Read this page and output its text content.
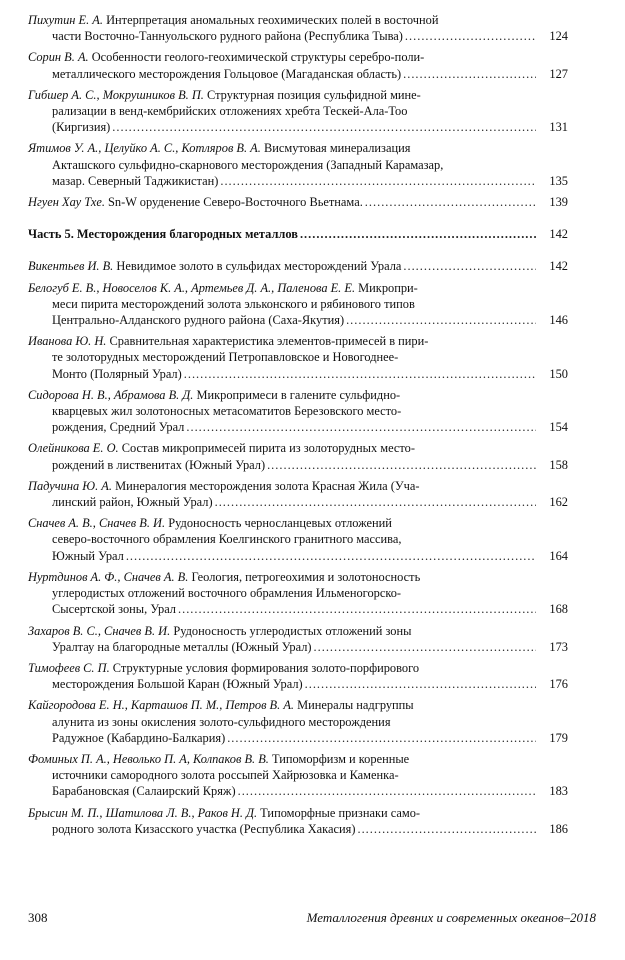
Пихутин Е. А. Интерпретация аномальных геохимических полей в восточной
части Восточно-Таннуольского рудного района (Республика Тыва) .....	124
Сорин В. А. Особенности геолого-геохимической структуры серебро-поли-
металлического месторождения Гольцовое (Магаданская область) .....	127
Гибшер А. С., Мокрушников В. П. Структурная позиция сульфидной мине-
рализации в венд-кембрийских отложениях хребта Тескей-Ала-Тоо
(Киргизия) .....	131
Ятимов У. А., Целуйко А. С., Котляров В. А. Висмутовая минерализация
Акташского сульфидно-скарнового месторождения (Западный Карамазар,
мазар. Северный Таджикистан) .....	135
Нгуен Хау Тхе. Sn-W оруденение Северо-Восточного Вьетнама. .....	139
Часть 5. Месторождения благородных металлов .....	142
Викентьев И. В. Невидимое золото в сульфидах месторождений Урала .....	142
Белогуб Е. В., Новоселов К. А., Артемьев Д. А., Паленова Е. Е. Микропри-
меси пирита месторождений золота эльконского и рябинового типов
Центрально-Алданского рудного района (Саха-Якутия) .....	146
Иванова Ю. Н. Сравнительная характеристика элементов-примесей в пири-
те золоторудных месторождений Петропавловское и Новогоднее-
Монто (Полярный Урал) .....	150
Сидорова Н. В., Абрамова В. Д. Микропримеси в галените сульфидно-
кварцевых жил золотоносных метасоматитов Березовского место-
рождения, Средний Урал .....	154
Олейникова Е. О. Состав микропримесей пирита из золоторудных место-
рождений в лиственитах (Южный Урал) .....	158
Падучина Ю. А. Минералогия месторождения золота Красная Жила (Уча-
линский район, Южный Урал) .....	162
Сначев А. В., Сначев В. И. Рудоносность черносланцевых отложений
северо-восточного обрамления Коелгинского гранитного массива,
Южный Урал .....	164
Нуртдинов А. Ф., Сначев А. В. Геология, петрогеохимия и золотоносность
углеродистых отложений восточного обрамления Ильменогорско-
Сысертской зоны, Урал .....	168
Захаров В. С., Сначев В. И. Рудоносность углеродистых отложений зоны
Уралтау на благородные металлы (Южный Урал) .....	173
Тимофеев С. П. Структурные условия формирования золото-порфирового
месторождения Большой Каран (Южный Урал) .....	176
Кайгородова Е. Н., Карташов П. М., Петров В. А. Минералы надгруппы
алунита из зоны окисления золото-сульфидного месторождения
Радужное (Кабардино-Балкария) .....	179
Фоминых П. А., Неволько П. А, Колпаков В. В. Типоморфизм и коренные
источники самородного золота россыпей Хайрюзовка и Каменка-
Барабановская (Салаирский Кряж) .....	183
Брысин М. П., Шатилова Л. В., Раков Н. Д. Типоморфные признаки само-
родного золота Кизасского участка (Республика Хакасия) .....	186
308	Металлогения древних и современных океанов–2018
